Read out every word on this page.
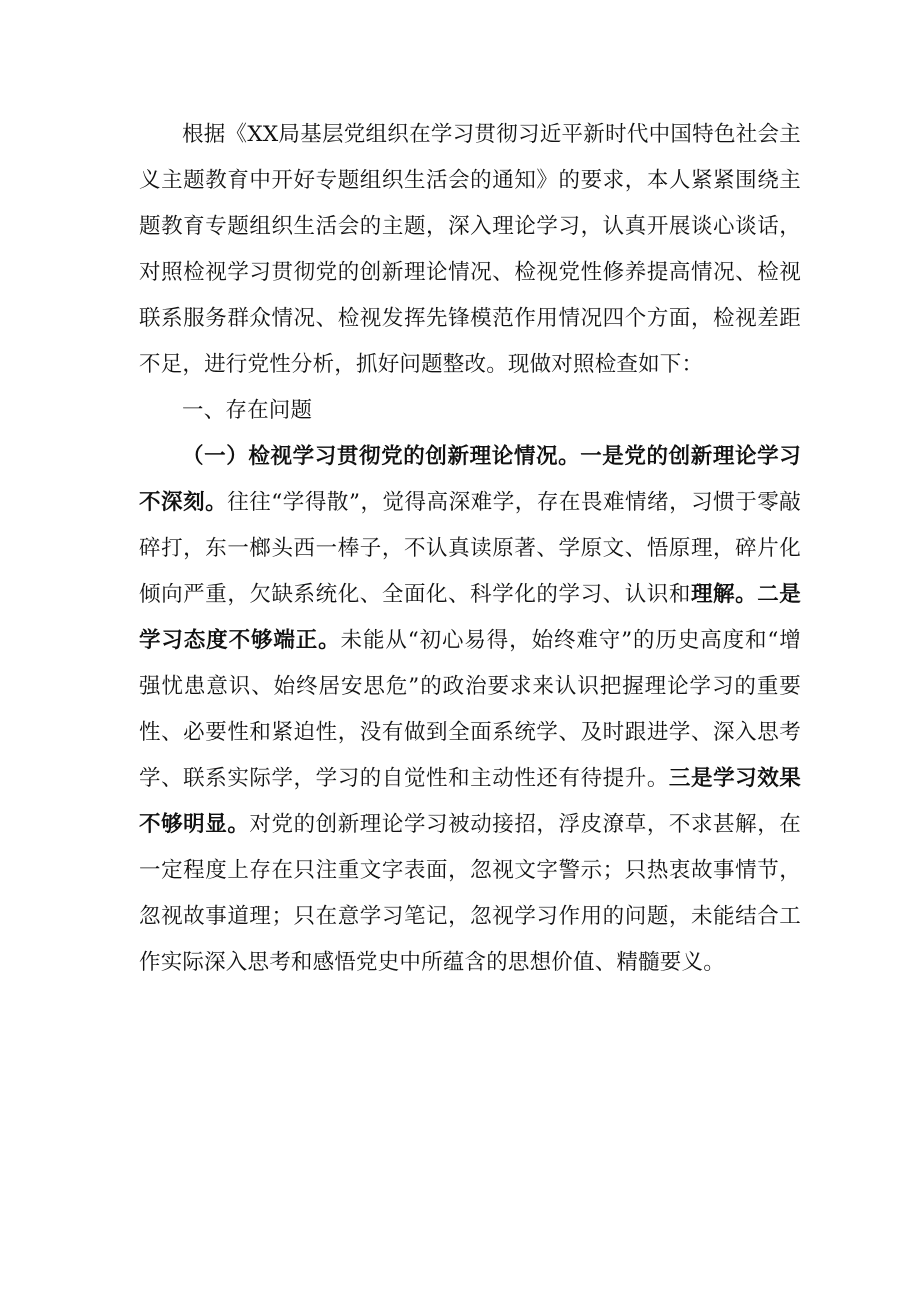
根据《XX局基层党组织在学习贯彻习近平新时代中国特色社会主义主题教育中开好专题组织生活会的通知》的要求，本人紧紧围绕主题教育专题组织生活会的主题，深入理论学习，认真开展谈心谈话，对照检视学习贯彻党的创新理论情况、检视党性修养提高情况、检视联系服务群众情况、检视发挥先锋模范作用情况四个方面，检视差距不足，进行党性分析，抓好问题整改。现做对照检查如下：

一、存在问题

（一）检视学习贯彻党的创新理论情况。一是党的创新理论学习不深刻。往往“学得散”，觉得高深难学，存在畏难情绪，习惯于零敲碎打，东一榔头西一棒子，不认真读原著、学原文、悟原理，碎片化倾向严重，欠缺系统化、全面化、科学化的学习、认识和理解。二是学习态度不够端正。未能从“初心易得，始终难守”的历史高度和“增强忧患意识、始终居安思危”的政治要求来认识把握理论学习的重要性、必要性和紧迫性，没有做到全面系统学、及时跟进学、深入思考学、联系实际学，学习的自觉性和主动性还有待提升。三是学习效果不够明显。对党的创新理论学习被动接招，浮皮潦草，不求甚解，在一定程度上存在只注重文字表面，忽视文字警示；只热衷故事情节，忽视故事道理；只在意学习笔记，忽视学习作用的问题，未能结合工作实际深入思考和感悟党史中所蕴含的思想价值、精髓要义。
